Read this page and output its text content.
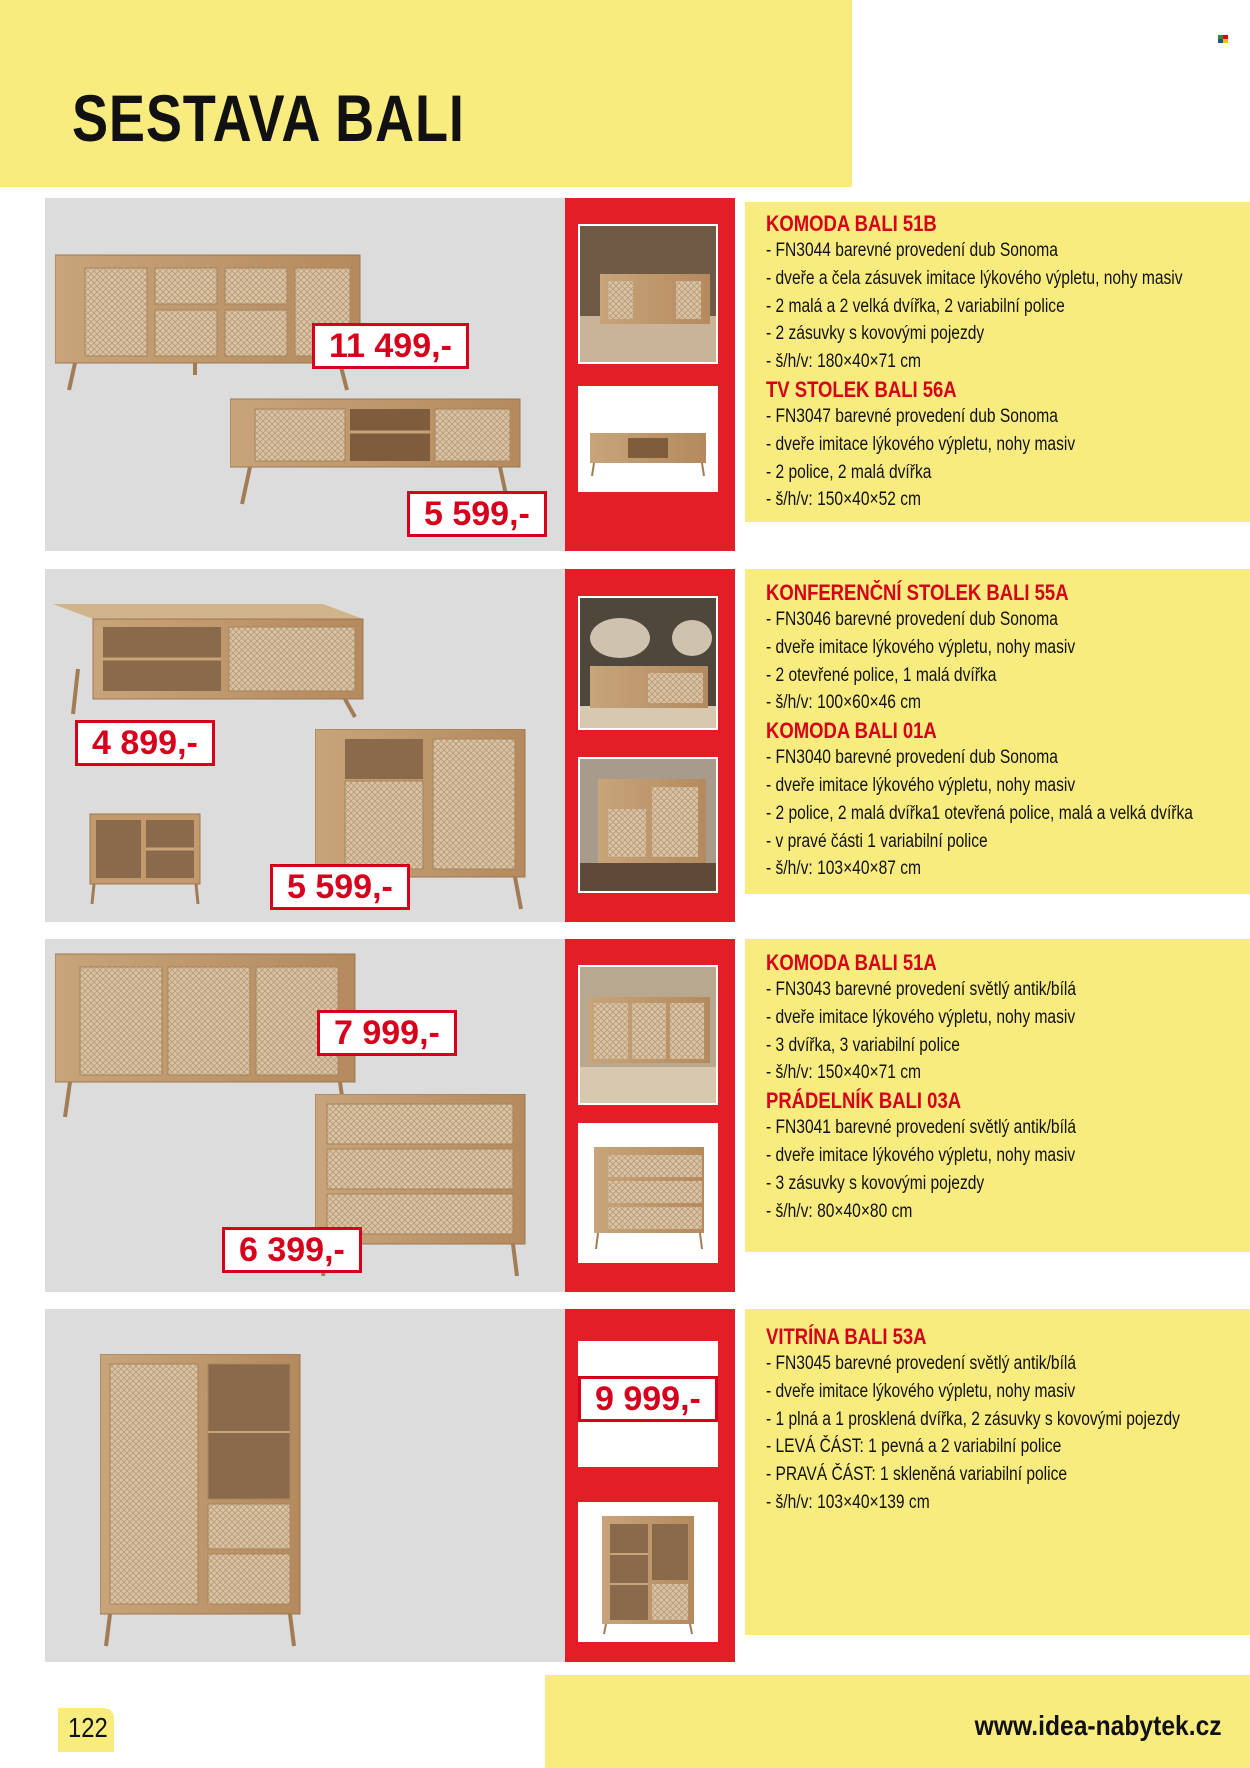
SESTAVA BALI
KOMODA BALI 51B
- FN3044 barevné provedení dub Sonoma
- dveře a čela zásuvek imitace lýkového výpletu, nohy masiv
- 2 malá a 2 velká dvířka, 2 variabilní police
- 2 zásuvky s kovovými pojezdy
- š/h/v: 180×40×71 cm
TV STOLEK BALI 56A
- FN3047 barevné provedení dub Sonoma
- dveře imitace lýkového výpletu, nohy masiv
- 2 police, 2 malá dvířka
- š/h/v: 150×40×52 cm
11 499,-
5 599,-
KONFERENČNÍ STOLEK BALI 55A
- FN3046 barevné provedení dub Sonoma
- dveře imitace lýkového výpletu, nohy masiv
- 2 otevřené police, 1 malá dvířka
- š/h/v: 100×60×46 cm
KOMODA BALI 01A
- FN3040 barevné provedení dub Sonoma
- dveře imitace lýkového výpletu, nohy masiv
- 2 police, 2 malá dvířka1 otevřená police, malá a velká dvířka
- v pravé části 1 variabilní police
- š/h/v: 103×40×87 cm
4 899,-
5 599,-
KOMODA BALI 51A
- FN3043 barevné provedení světlý antik/bílá
- dveře imitace lýkového výpletu, nohy masiv
- 3 dvířka, 3 variabilní police
- š/h/v: 150×40×71 cm
PRÁDELNÍK BALI 03A
- FN3041 barevné provedení světlý antik/bílá
- dveře imitace lýkového výpletu, nohy masiv
- 3 zásuvky s kovovými pojezdy
- š/h/v: 80×40×80 cm
7 999,-
6 399,-
VITRÍNA BALI 53A
- FN3045 barevné provedení světlý antik/bílá
- dveře imitace lýkového výpletu, nohy masiv
- 1 plná a 1 prosklená dvířka, 2 zásuvky s kovovými pojezdy
- LEVÁ ČÁST: 1 pevná a 2 variabilní police
- PRAVÁ ČÁST: 1 skleněná variabilní police
- š/h/v: 103×40×139 cm
9 999,-
122	www.idea-nabytek.cz
